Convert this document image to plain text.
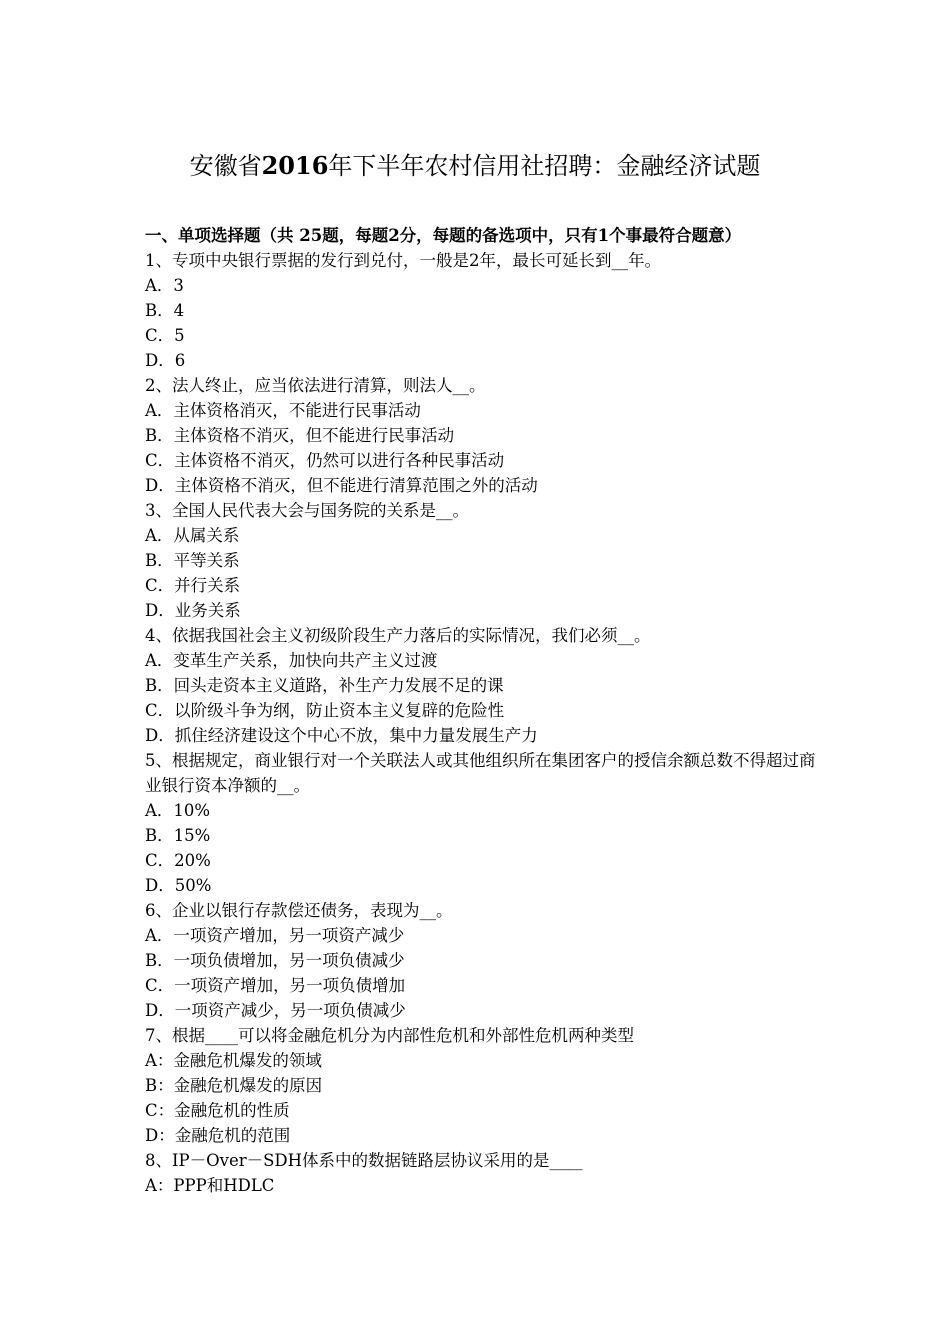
安徽省2016年下半年农村信用社招聘：金融经济试题

一、单项选择题（共 25题，每题2分，每题的备选项中，只有1个事最符合题意）

1、专项中央银行票据的发行到兑付，一般是2年，最长可延长到__年。

A．3

B．4

C．5

D．6

2、法人终止，应当依法进行清算，则法人__。

A．主体资格消灭，不能进行民事活动

B．主体资格不消灭，但不能进行民事活动

C．主体资格不消灭，仍然可以进行各种民事活动

D．主体资格不消灭，但不能进行清算范围之外的活动

3、全国人民代表大会与国务院的关系是__。

A．从属关系

B．平等关系

C．并行关系

D．业务关系

4、依据我国社会主义初级阶段生产力落后的实际情况，我们必须__。

A．变革生产关系，加快向共产主义过渡

B．回头走资本主义道路，补生产力发展不足的课

C．以阶级斗争为纲，防止资本主义复辟的危险性

D．抓住经济建设这个中心不放，集中力量发展生产力

5、根据规定，商业银行对一个关联法人或其他组织所在集团客户的授信余额总数不得超过商业银行资本净额的__。

A．10%

B．15%

C．20%

D．50%

6、企业以银行存款偿还债务，表现为__。

A．一项资产增加，另一项资产减少

B．一项负债增加，另一项负债减少

C．一项资产增加，另一项负债增加

D．一项资产减少，另一项负债减少

7、根据____可以将金融危机分为内部性危机和外部性危机两种类型

A：金融危机爆发的领域

B：金融危机爆发的原因

C：金融危机的性质

D：金融危机的范围

8、IP－Over－SDH体系中的数据链路层协议采用的是____

A：PPP和HDLC
